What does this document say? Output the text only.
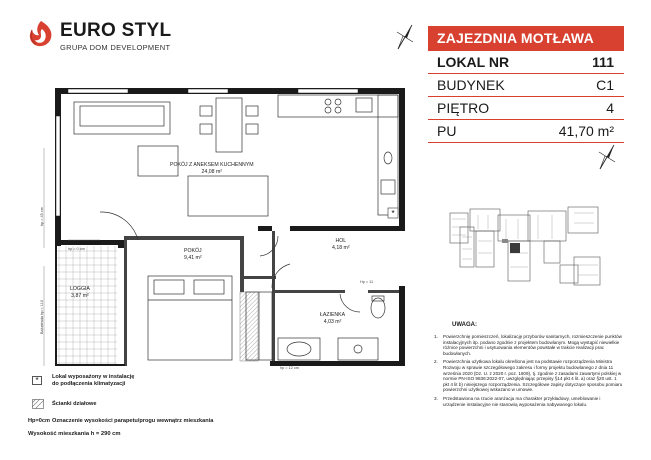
EURO STYL
GRUPA DOM DEVELOPMENT
ZAJEZDNIA MOTŁAWA
LOKAL NR	111
BUDYNEK	C1
PIĘTRO	4
PU	41,70 m²
UWAGA:
1.	Powierzchnię pomieszczeń, lokalizację przyborów sanitarnych, rozmieszczenie punktów instalacyjnych itp. podano zgodnie z projektem budowlanym. Mogą wystąpić niewielkie różnice powierzchni i usytuowania elementów powstałe w trakcie realizacji prac budowlanych.
2.	Powierzchnia użytkowa lokalu określona jest na podstawie rozporządzenia Ministra Rozwoju w sprawie szczegółowego zakresu i formy projektu budowlanego z dnia 11 września 2020 (Dz. U. z 2020 r. poz. 1609), tj. zgodnie z zasadami zawartymi polskiej w normie PN-ISO 9836:2022-07, uwzględniając przepisy §14 pkt 4 lit. a) oraz §20 ust. 1 pkt 4 lit b) niniejszego rozporządzenia. Szczegółowe zapisy dotyczące sposobu pomiaru powierzchni użytkowej wskazano w umowie.
3.	Przedstawiona na rzucie aranżacja ma charakter przykładowy, umeblowanie i urządzenie instalacyjne nie stanowią wyposażenia nabywanego lokalu.
*
POKÓJ Z ANEKSEM KUCHENNYM
24,08 m²
POKÓJ
9,41 m²
HOL
4,18 m²
ŁAZIENKA
4,03 m²
LOGGIA
3,87 m²
hp = 45 cm
Balustrada hp = 110
hp = 0 cm
Hp = 11
hp = 12 cm
*	Lokal wyposażony w instalację
do podłączenia klimatyzacji
Ścianki działowe
Hp=0cm Oznaczenie wysokości parapetu/progu wewnątrz mieszkania
Wysokość mieszkania h = 290 cm
